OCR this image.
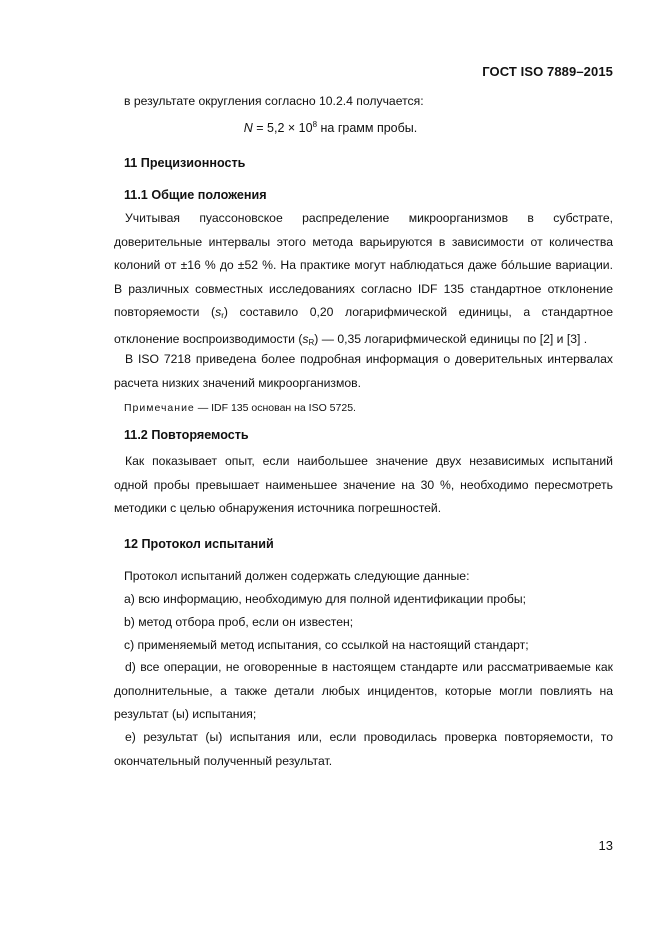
ГОСТ ISO 7889–2015
в результате округления согласно 10.2.4 получается:
$N = 5,2 \times 10^8$ на грамм пробы.
11 Прецизионность
11.1 Общие положения
Учитывая пуассоновское распределение микроорганизмов в субстрате, доверительные интервалы этого метода варьируются в зависимости от количества колоний от ±16 % до ±52 %. На практике могут наблюдаться даже бóльшие вариации. В различных совместных исследованиях согласно IDF 135 стандартное отклонение повторяемости $(s_r)$ составило 0,20 логарифмической единицы, а стандартное отклонение воспроизводимости $(s_R)$ — 0,35 логарифмической единицы по [2] и [3] .
В ISO 7218 приведена более подробная информация о доверительных интервалах расчета низких значений микроорганизмов.
Примечание — IDF 135 основан на ISO 5725.
11.2 Повторяемость
Как показывает опыт, если наибольшее значение двух независимых испытаний одной пробы превышает наименьшее значение на 30 %, необходимо пересмотреть методики с целью обнаружения источника погрешностей.
12 Протокол испытаний
Протокол испытаний должен содержать следующие данные:
а) всю информацию, необходимую для полной идентификации пробы;
b) метод отбора проб, если он известен;
с) применяемый метод испытания, со ссылкой на настоящий стандарт;
d) все операции, не оговоренные в настоящем стандарте или рассматриваемые как дополнительные, а также детали любых инцидентов, которые могли повлиять на результат (ы) испытания;
е) результат (ы) испытания или, если проводилась проверка повторяемости, то окончательный полученный результат.
13
